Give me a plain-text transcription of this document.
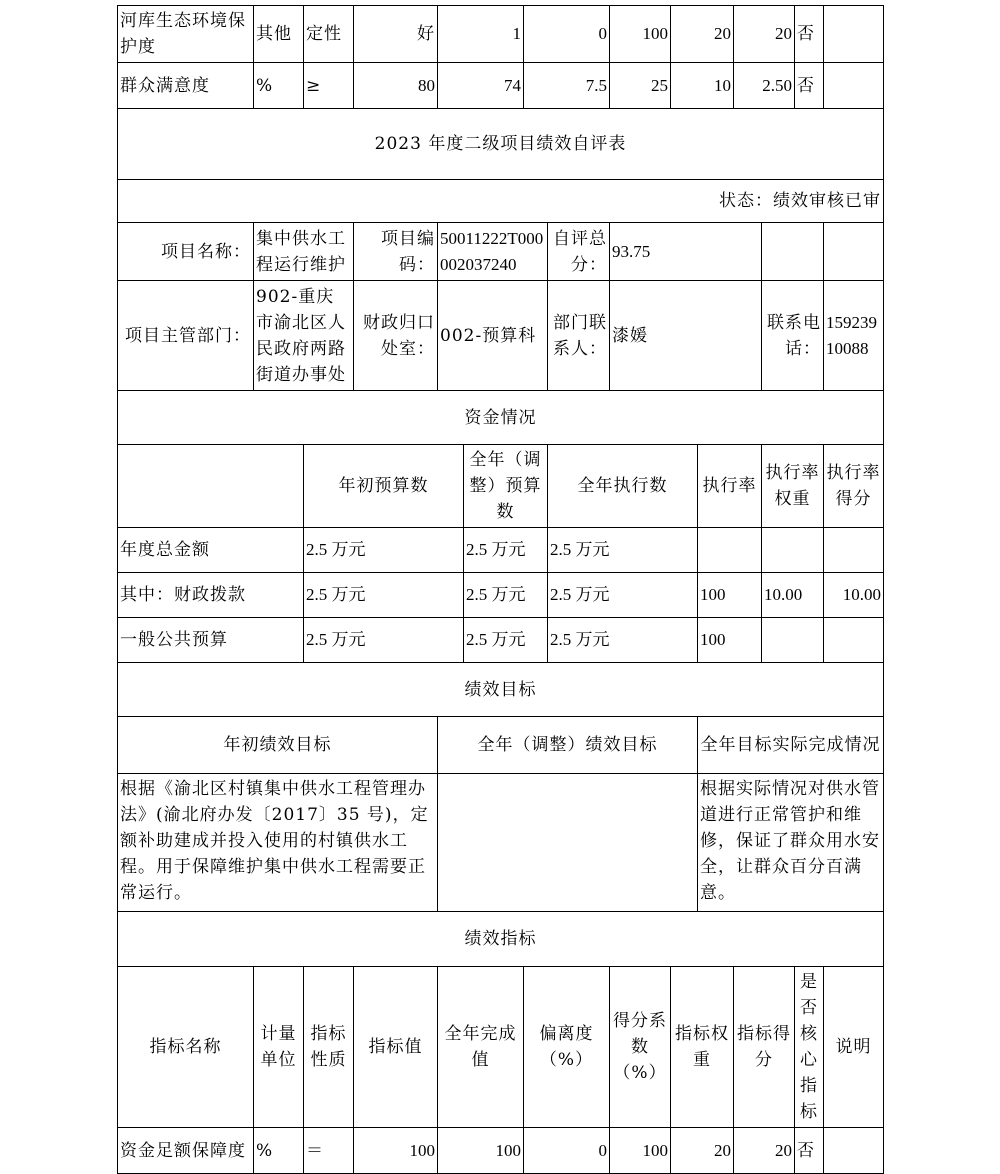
河库生态环境保护度	其他	定性	好	1		0		100	20		20		否	
群众满意度	%	≥	80	74		7.5		25	10		2.50		否	
2023 年度二级项目绩效自评表														
状态：绩效审核已审														
项目名称：	集中供水工程运行维护		项目编码：	50011222T000002037240			自评总分：	93.75						
项目主管部门：	902-重庆市渝北区人民政府两路街道办事处		财政归口处室：	002-预算科			部门联系人：	漆媛				联系电话：		15923910088
资金情况														
		年初预算数			全年（调整）预算数		全年执行数			执行率		执行率权重		执行率得分
年度总金额		2.5 万元			2.5 万元		2.5 万元							
其中：财政拨款		2.5 万元			2.5 万元		2.5 万元			100		10.00		10.00
一般公共预算		2.5 万元			2.5 万元		2.5 万元			100				
绩效目标														
年初绩效目标				全年（调整）绩效目标						全年目标实际完成情况				
根据《渝北区村镇集中供水工程管理办法》(渝北府办发〔2017〕35 号)，定额补助建成并投入使用的村镇供水工程。用于保障维护集中供水工程需要正常运行。										根据实际情况对供水管道进行正常管护和维修，保证了群众用水安全，让群众百分百满意。				
绩效指标														
指标名称	计量单位	指标性质	指标值	全年完成值		偏离度（%）		得分系数（%）	指标权重		指标得分		是否核心指标	说明
资金足额保障度	%	＝	100	100		0		100	20		20		否	
